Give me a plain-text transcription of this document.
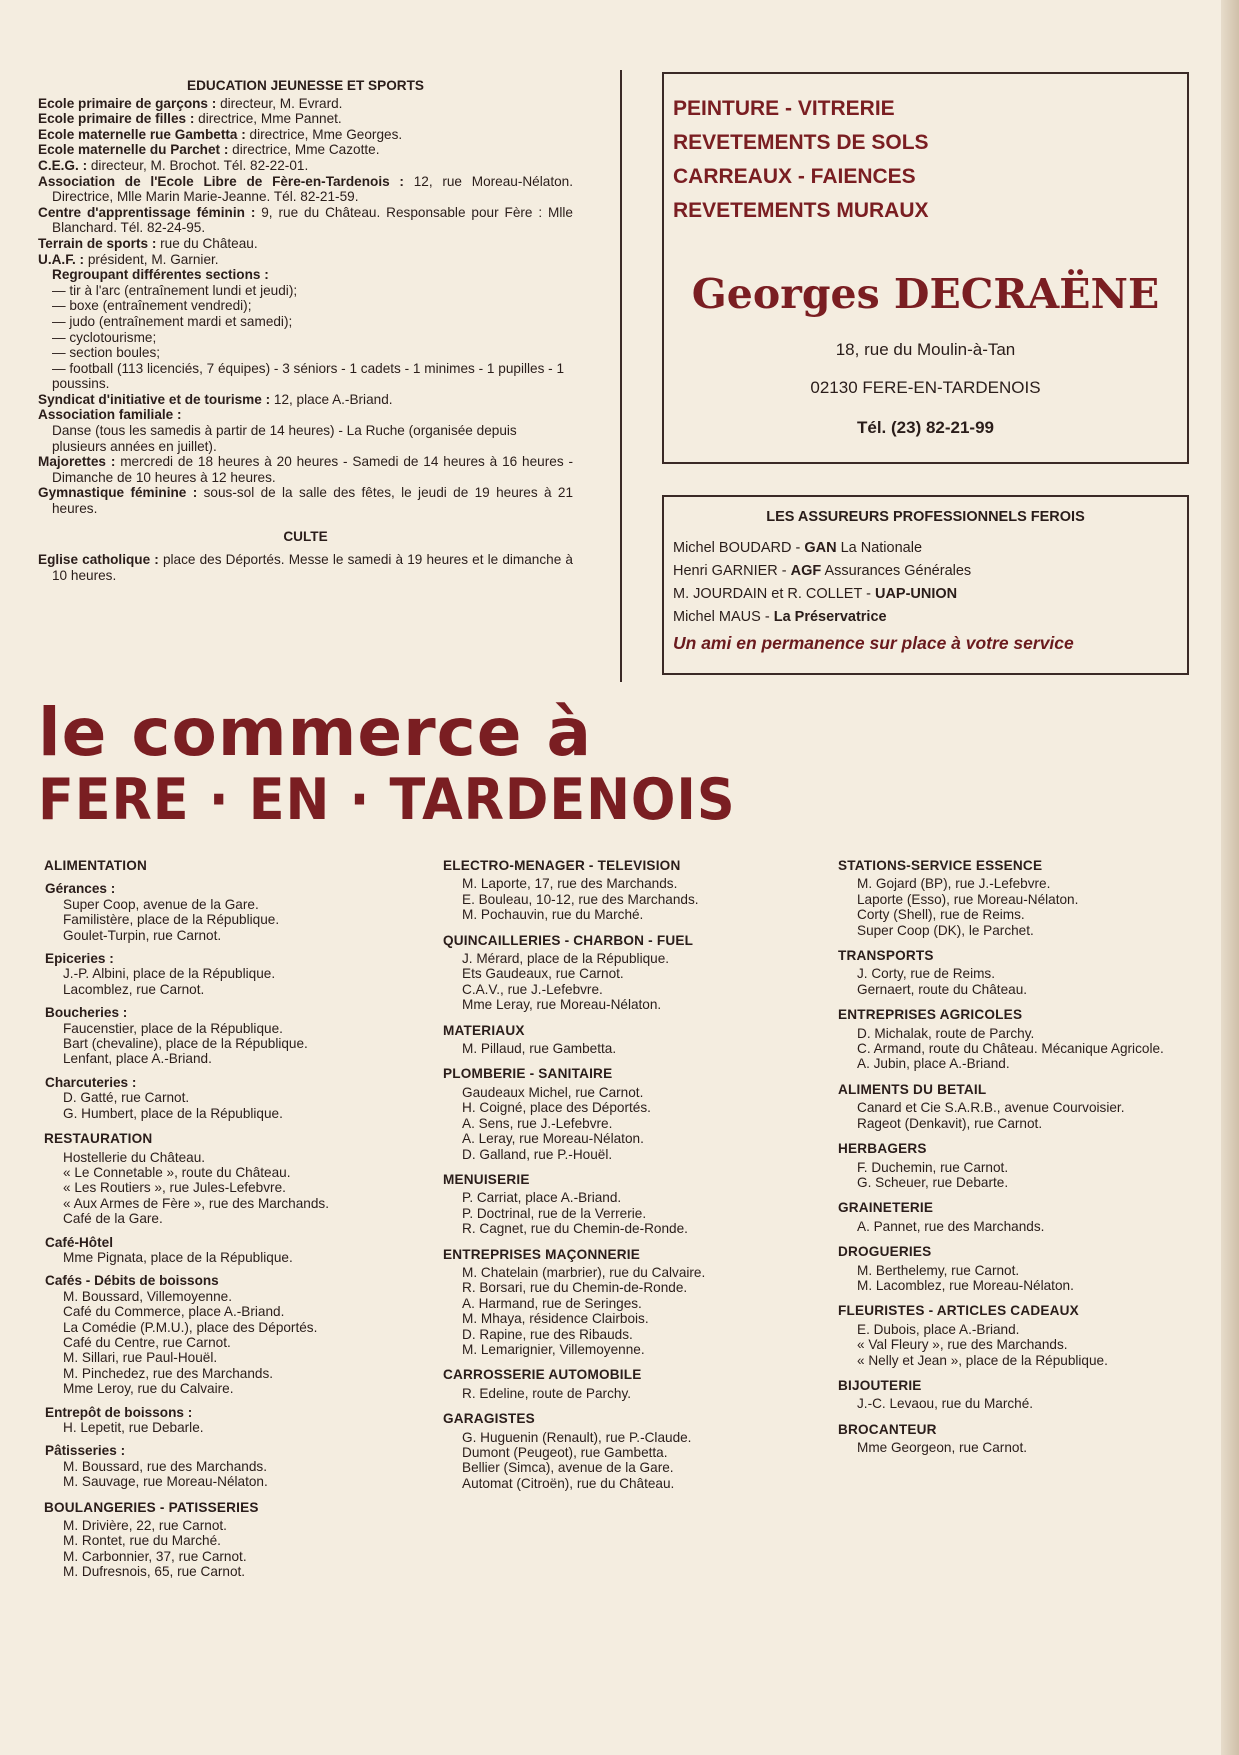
EDUCATION JEUNESSE ET SPORTS

Ecole primaire de garçons : directeur, M. Evrard.

Ecole primaire de filles : directrice, Mme Pannet.

Ecole maternelle rue Gambetta : directrice, Mme Georges.

Ecole maternelle du Parchet : directrice, Mme Cazotte.

C.E.G. : directeur, M. Brochot. Tél. 82-22-01.

Association de l'Ecole Libre de Fère-en-Tardenois : 12, rue Moreau-Nélaton. Directrice, Mlle Marin Marie-Jeanne. Tél. 82-21-59.

Centre d'apprentissage féminin : 9, rue du Château. Responsable pour Fère : Mlle Blanchard. Tél. 82-24-95.

Terrain de sports : rue du Château.

U.A.F. : président, M. Garnier.

Regroupant différentes sections :
— tir à l'arc (entraînement lundi et jeudi);
— boxe (entraînement vendredi);
— judo (entraînement mardi et samedi);
— cyclotourisme;
— section boules;
— football (113 licenciés, 7 équipes) - 3 séniors - 1 cadets - 1 minimes - 1 pupilles - 1 poussins.

Syndicat d'initiative et de tourisme : 12, place A.-Briand.

Association familiale :

Danse (tous les samedis à partir de 14 heures) - La Ruche (organisée depuis plusieurs années en juillet).

Majorettes : mercredi de 18 heures à 20 heures - Samedi de 14 heures à 16 heures - Dimanche de 10 heures à 12 heures.

Gymnastique féminine : sous-sol de la salle des fêtes, le jeudi de 19 heures à 21 heures.

CULTE

Eglise catholique : place des Déportés. Messe le samedi à 19 heures et le dimanche à 10 heures.

PEINTURE - VITRERIE
REVETEMENTS DE SOLS
CARREAUX - FAIENCES
REVETEMENTS MURAUX
Georges DECRAËNE
18, rue du Moulin-à-Tan
02130 FERE-EN-TARDENOIS
Tél. (23) 82-21-99
LES ASSUREURS PROFESSIONNELS FEROIS
Michel BOUDARD - GAN La Nationale
Henri GARNIER - AGF Assurances Générales
M. JOURDAIN et R. COLLET - UAP-UNION
Michel MAUS - La Préservatrice
Un ami en permanence sur place à votre service
le commerce à
FERE · EN · TARDENOIS
ALIMENTATION
Gérances :
Super Coop, avenue de la Gare.
Familistère, place de la République.
Goulet-Turpin, rue Carnot.
Epiceries :
J.-P. Albini, place de la République.
Lacomblez, rue Carnot.
Boucheries :
Faucenstier, place de la République.
Bart (chevaline), place de la République.
Lenfant, place A.-Briand.
Charcuteries :
D. Gatté, rue Carnot.
G. Humbert, place de la République.
RESTAURATION
Hostellerie du Château.
« Le Connetable », route du Château.
« Les Routiers », rue Jules-Lefebvre.
« Aux Armes de Fère », rue des Marchands.
Café de la Gare.
Café-Hôtel
Mme Pignata, place de la République.
Cafés - Débits de boissons
M. Boussard, Villemoyenne.
Café du Commerce, place A.-Briand.
La Comédie (P.M.U.), place des Déportés.
Café du Centre, rue Carnot.
M. Sillari, rue Paul-Houël.
M. Pinchedez, rue des Marchands.
Mme Leroy, rue du Calvaire.
Entrepôt de boissons :
H. Lepetit, rue Debarle.
Pâtisseries :
M. Boussard, rue des Marchands.
M. Sauvage, rue Moreau-Nélaton.
BOULANGERIES - PATISSERIES
M. Drivière, 22, rue Carnot.
M. Rontet, rue du Marché.
M. Carbonnier, 37, rue Carnot.
M. Dufresnois, 65, rue Carnot.
ELECTRO-MENAGER - TELEVISION
M. Laporte, 17, rue des Marchands.
E. Bouleau, 10-12, rue des Marchands.
M. Pochauvin, rue du Marché.
QUINCAILLERIES - CHARBON - FUEL
J. Mérard, place de la République.
Ets Gaudeaux, rue Carnot.
C.A.V., rue J.-Lefebvre.
Mme Leray, rue Moreau-Nélaton.
MATERIAUX
M. Pillaud, rue Gambetta.
PLOMBERIE - SANITAIRE
Gaudeaux Michel, rue Carnot.
H. Coigné, place des Déportés.
A. Sens, rue J.-Lefebvre.
A. Leray, rue Moreau-Nélaton.
D. Galland, rue P.-Houël.
MENUISERIE
P. Carriat, place A.-Briand.
P. Doctrinal, rue de la Verrerie.
R. Cagnet, rue du Chemin-de-Ronde.
ENTREPRISES MAÇONNERIE
M. Chatelain (marbrier), rue du Calvaire.
R. Borsari, rue du Chemin-de-Ronde.
A. Harmand, rue de Seringes.
M. Mhaya, résidence Clairbois.
D. Rapine, rue des Ribauds.
M. Lemarignier, Villemoyenne.
CARROSSERIE AUTOMOBILE
R. Edeline, route de Parchy.
GARAGISTES
G. Huguenin (Renault), rue P.-Claude.
Dumont (Peugeot), rue Gambetta.
Bellier (Simca), avenue de la Gare.
Automat (Citroën), rue du Château.
STATIONS-SERVICE ESSENCE
M. Gojard (BP), rue J.-Lefebvre.
Laporte (Esso), rue Moreau-Nélaton.
Corty (Shell), rue de Reims.
Super Coop (DK), le Parchet.
TRANSPORTS
J. Corty, rue de Reims.
Gernaert, route du Château.
ENTREPRISES AGRICOLES
D. Michalak, route de Parchy.
C. Armand, route du Château. Mécanique Agricole.
A. Jubin, place A.-Briand.
ALIMENTS DU BETAIL
Canard et Cie S.A.R.B., avenue Courvoisier.
Rageot (Denkavit), rue Carnot.
HERBAGERS
F. Duchemin, rue Carnot.
G. Scheuer, rue Debarte.
GRAINETERIE
A. Pannet, rue des Marchands.
DROGUERIES
M. Berthelemy, rue Carnot.
M. Lacomblez, rue Moreau-Nélaton.
FLEURISTES - ARTICLES CADEAUX
E. Dubois, place A.-Briand.
« Val Fleury », rue des Marchands.
« Nelly et Jean », place de la République.
BIJOUTERIE
J.-C. Levaou, rue du Marché.
BROCANTEUR
Mme Georgeon, rue Carnot.
